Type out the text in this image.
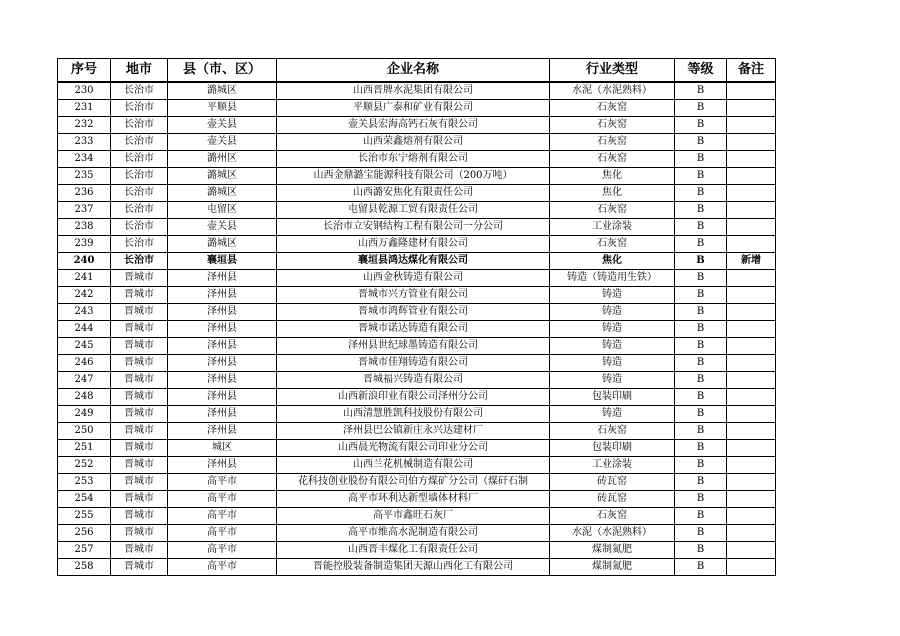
序号	地市	县（市、区）	企业名称	行业类型	等级	备注
230	长治市	潞城区	山西晋牌水泥集团有限公司	水泥（水泥熟料）	B	
231	长治市	平顺县	平顺县广泰和矿业有限公司	石灰窑	B	
232	长治市	壶关县	壶关县宏海高钙石灰有限公司	石灰窑	B	
233	长治市	壶关县	山西荣鑫熔剂有限公司	石灰窑	B	
234	长治市	潞州区	长治市东宁熔剂有限公司	石灰窑	B	
235	长治市	潞城区	山西金鼎潞宝能源科技有限公司（200万吨）	焦化	B	
236	长治市	潞城区	山西潞安焦化有限责任公司	焦化	B	
237	长治市	屯留区	屯留县乾源工贸有限责任公司	石灰窑	B	
238	长治市	壶关县	长治市立安钢结构工程有限公司一分公司	工业涂装	B	
239	长治市	潞城区	山西万鑫隆建材有限公司	石灰窑	B	
240	长治市	襄垣县	襄垣县鸿达煤化有限公司	焦化	B	新增
241	晋城市	泽州县	山西金秋铸造有限公司	铸造（铸造用生铁）	B	
242	晋城市	泽州县	晋城市兴方管业有限公司	铸造	B	
243	晋城市	泽州县	晋城市鸿辉管业有限公司	铸造	B	
244	晋城市	泽州县	晋城市诺达铸造有限公司	铸造	B	
245	晋城市	泽州县	泽州县世纪球墨铸造有限公司	铸造	B	
246	晋城市	泽州县	晋城市佳翔铸造有限公司	铸造	B	
247	晋城市	泽州县	晋城福兴铸造有限公司	铸造	B	
248	晋城市	泽州县	山西新浪印业有限公司泽州分公司	包装印刷	B	
249	晋城市	泽州县	山西清慧胜凯科技股份有限公司	铸造	B	
250	晋城市	泽州县	泽州县巴公镇新庄永兴达建材厂	石灰窑	B	
251	晋城市	城区	山西晨光物流有限公司印业分公司	包装印刷	B	
252	晋城市	泽州县	山西兰花机械制造有限公司	工业涂装	B	
253	晋城市	高平市	花科技创业股份有限公司伯方煤矿分公司（煤矸石制	砖瓦窑	B	
254	晋城市	高平市	高平市环利达新型墙体材料厂	砖瓦窑	B	
255	晋城市	高平市	高平市鑫旺石灰厂	石灰窑	B	
256	晋城市	高平市	高平市维高水泥制造有限公司	水泥（水泥熟料）	B	
257	晋城市	高平市	山西晋丰煤化工有限责任公司	煤制氮肥	B	
258	晋城市	高平市	晋能控股装备制造集团天源山西化工有限公司	煤制氮肥	B	
